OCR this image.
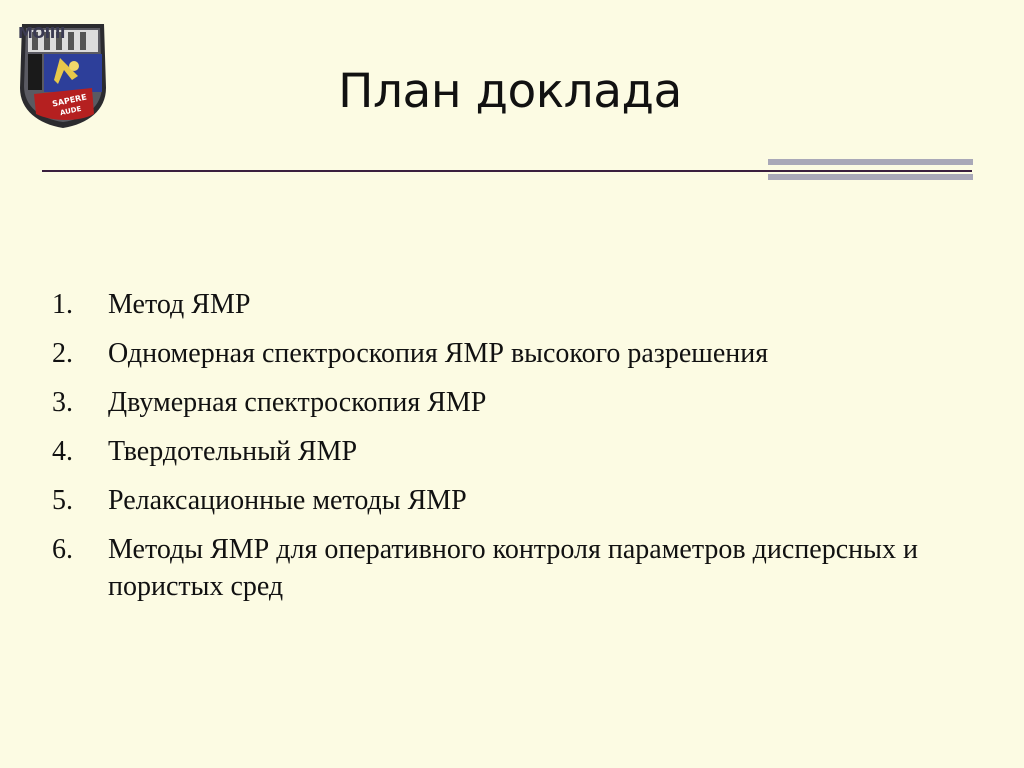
MOIIII
SAPERE
AUDE	План доклада
1. Метод ЯМР
2. Одномерная спектроскопия ЯМР высокого разрешения
3. Двумерная спектроскопия ЯМР
4. Твердотельный ЯМР
5. Релаксационные методы ЯМР
6. Методы ЯМР для оперативного контроля параметров дисперсных и пористых сред
